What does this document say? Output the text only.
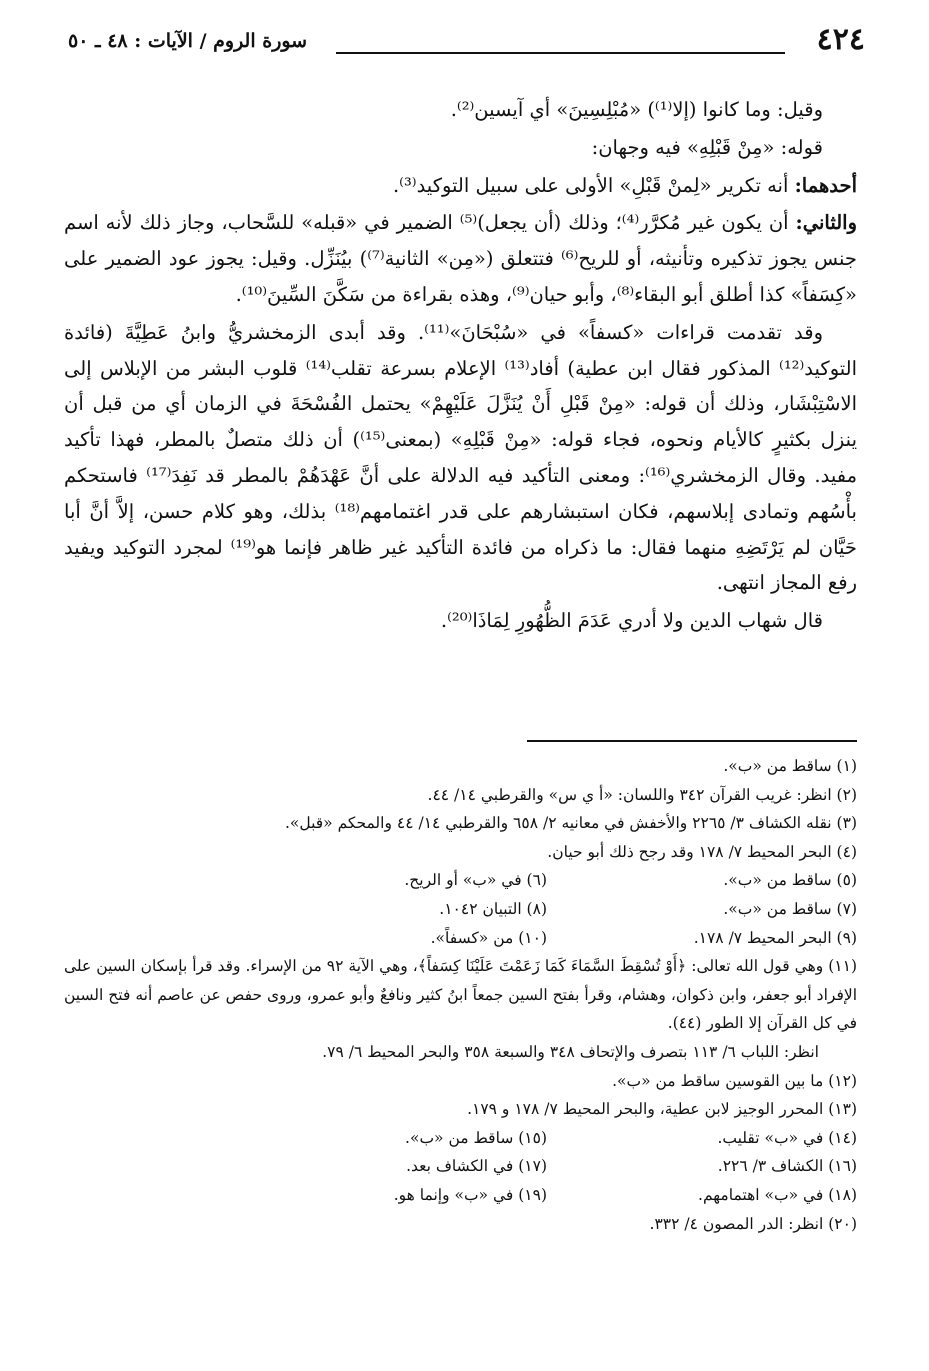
٤٢٤
سورة الروم / الآيات : ٤٨ ـ ٥٠

وقيل: وما كانوا (إلا⁽¹⁾) «مُبْلِسِينَ» أي آيسين⁽²⁾.

قوله: «مِنْ قَبْلِهِ» فيه وجهان:

أحدهما: أنه تكرير «لِمنْ قَبْلِ» الأولى على سبيل التوكيد⁽³⁾.

والثاني: أن يكون غير مُكرَّر⁽⁴⁾؛ وذلك (أن يجعل)⁽⁵⁾ الضمير في «قبله» للسَّحاب، وجاز ذلك لأنه اسم جنس يجوز تذكيره وتأنيثه، أو للريح⁽⁶⁾ فتتعلق («مِن» الثانية⁽⁷⁾) بيُنَزِّل. وقيل: يجوز عود الضمير على «كِسَفاً» كذا أطلق أبو البقاء⁽⁸⁾، وأبو حيان⁽⁹⁾، وهذه بقراءة من سَكَّنَ السِّينَ⁽¹⁰⁾.

وقد تقدمت قراءات «كسفاً» في «سُبْحَانَ»⁽¹¹⁾. وقد أبدى الزمخشريُّ وابنُ عَطِيَّةَ (فائدة التوكيد⁽¹²⁾ المذكور فقال ابن عطية) أفاد⁽¹³⁾ الإعلام بسرعة تقلب⁽¹⁴⁾ قلوب البشر من الإبلاس إلى الاسْتِبْشَار، وذلك أن قوله: «مِنْ قَبْلِ أَنْ يُنَزَّلَ عَلَيْهِمْ» يحتمل الفُسْحَةَ في الزمان أي من قبل أن ينزل بكثيرٍ كالأيام ونحوه، فجاء قوله: «مِنْ قَبْلِهِ» (بمعنى⁽¹⁵⁾) أن ذلك متصلٌ بالمطر، فهذا تأكيد مفيد. وقال الزمخشري⁽¹⁶⁾: ومعنى التأكيد فيه الدلالة على أنَّ عَهْدَهُمْ بالمطر قد نَفِدَ⁽¹⁷⁾ فاستحكم بأْسُهم وتمادى إبلاسهم، فكان استبشارهم على قدر اغتمامهم⁽¹⁸⁾ بذلك، وهو كلام حسن، إلاَّ أنَّ أبا حَيَّان لم يَرْتَضِهِ منهما فقال: ما ذكراه من فائدة التأكيد غير ظاهر فإنما هو⁽¹⁹⁾ لمجرد التوكيد ويفيد رفع المجاز انتهى.

قال شهاب الدين ولا أدري عَدَمَ الظُّهُورِ لِمَاذَا⁽²⁰⁾.

(١) ساقط من «ب».

(٢) انظر: غريب القرآن ٣٤٢ واللسان: «أ ي س» والقرطبي ١٤/ ٤٤.

(٣) نقله الكشاف ٣/ ٢٢٦٥ والأخفش في معانيه ٢/ ٦٥٨ والقرطبي ١٤/ ٤٤ والمحكم «قبل».

(٤) البحر المحيط ٧/ ١٧٨ وقد رجح ذلك أبو حيان.

(٥) ساقط من «ب».
(٦) في «ب» أو الريح.
(٧) ساقط من «ب».
(٨) التبيان ١٠٤٢.
(٩) البحر المحيط ٧/ ١٧٨.
(١٠) من «كسفاً».

(١١) وهي قول الله تعالى: ﴿أَوْ تُسْقِطَ السَّمَاءَ كَمَا زَعَمْتَ عَلَيْنَا كِسَفاً﴾، وهي الآية ٩٢ من الإسراء. وقد قرأ بإسكان السين على الإفراد أبو جعفر، وابن ذكوان، وهشام، وقرأ بفتح السين جمعاً ابنُ كثير ونافعٌ وأبو عمرو، وروى حفص عن عاصم أنه فتح السين في كل القرآن إلا الطور (٤٤).

انظر: اللباب ٦/ ١١٣ بتصرف والإتحاف ٣٤٨ والسبعة ٣٥٨ والبحر المحيط ٦/ ٧٩.

(١٢) ما بين القوسين ساقط من «ب».

(١٣) المحرر الوجيز لابن عطية، والبحر المحيط ٧/ ١٧٨ و ١٧٩.

(١٤) في «ب» تقليب.
(١٥) ساقط من «ب».
(١٦) الكشاف ٣/ ٢٢٦.
(١٧) في الكشاف بعد.
(١٨) في «ب» اهتمامهم.
(١٩) في «ب» وإنما هو.

(٢٠) انظر: الدر المصون ٤/ ٣٣٢.
